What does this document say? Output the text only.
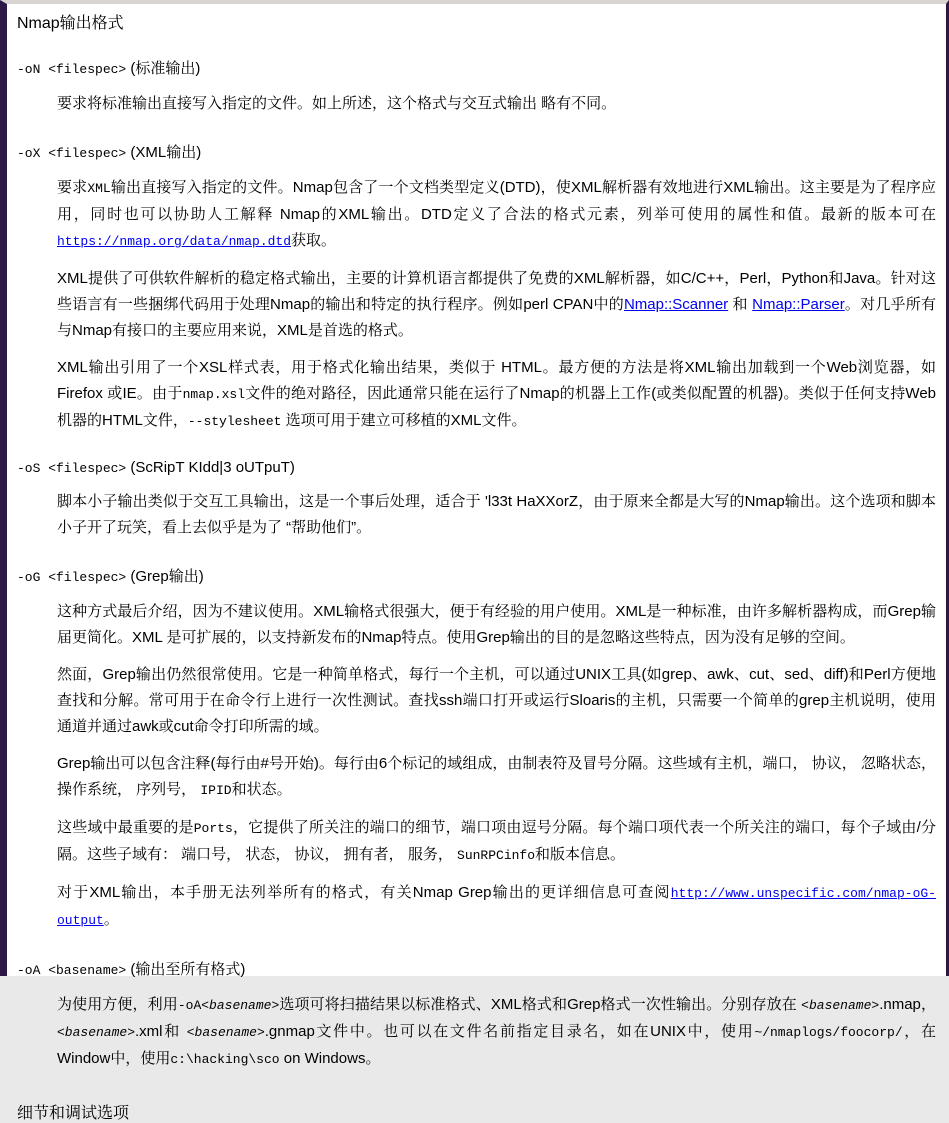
Nmap输出格式
-oN <filespec> (标准输出)
要求将标准输出直接写入指定的文件。如上所述，这个格式与交互式输出 略有不同。
-oX <filespec> (XML输出)
要求XML输出直接写入指定的文件。Nmap包含了一个文档类型定义(DTD)，使XML解析器有效地进行XML输出。这主要是为了程序应用，同时也可以协助人工解释 Nmap的XML输出。DTD定义了合法的格式元素，列举可使用的属性和值。最新的版本可在 https://nmap.org/data/nmap.dtd获取。
XML提供了可供软件解析的稳定格式输出，主要的计算机语言都提供了免费的XML解析器，如C/C++，Perl，Python和Java。针对这些语言有一些捆绑代码用于处理Nmap的输出和特定的执行程序。例如perl CPAN中的Nmap::Scanner 和 Nmap::Parser。对几乎所有与Nmap有接口的主要应用来说，XML是首选的格式。
XML输出引用了一个XSL样式表，用于格式化输出结果，类似于 HTML。最方便的方法是将XML输出加载到一个Web浏览器，如Firefox 或IE。由于nmap.xsl文件的绝对路径，因此通常只能在运行了Nmap的机器上工作(或类似配置的机器)。类似于任何支持Web机器的HTML文件，--stylesheet 选项可用于建立可移植的XML文件。
-oS <filespec> (ScRipT KIdd|3 oUTpuT)
脚本小子输出类似于交互工具输出，这是一个事后处理，适合于 'l33t HaXXorZ，由于原来全都是大写的Nmap输出。这个选项和脚本小子开了玩笑，看上去似乎是为了 “帮助他们”。
-oG <filespec> (Grep输出)
这种方式最后介绍，因为不建议使用。XML输格式很强大，便于有经验的用户使用。XML是一种标准，由许多解析器构成，而Grep输届更简化。XML 是可扩展的，以支持新发布的Nmap特点。使用Grep输出的目的是忽略这些特点，因为没有足够的空间。
然面，Grep输出仍然很常使用。它是一种简单格式，每行一个主机，可以通过UNIX工具(如grep、awk、cut、sed、diff)和Perl方便地查找和分解。常可用于在命令行上进行一次性测试。查找ssh端口打开或运行Sloaris的主机，只需要一个简单的grep主机说明，使用通道并通过awk或cut命令打印所需的域。
Grep输出可以包含注释(每行由#号开始)。每行由6个标记的域组成，由制表符及冒号分隔。这些域有主机，端口， 协议， 忽略状态， 操作系统， 序列号， IPID和状态。
这些域中最重要的是Ports，它提供了所关注的端口的细节，端口项由逗号分隔。每个端口项代表一个所关注的端口，每个子域由/分隔。这些子域有： 端口号， 状态， 协议， 拥有者， 服务， SunRPCinfo和版本信息。
对于XML输出，本手册无法列举所有的格式，有关Nmap Grep输出的更详细信息可查阅http://www.unspecific.com/nmap-oG-output。
-oA <basename> (输出至所有格式)
为使用方便，利用-oA<basename>选项可将扫描结果以标准格式、XML格式和Grep格式一次性输出。分别存放在 <basename>.nmap，<basename>.xml和 <basename>.gnmap文件中。也可以在文件名前指定目录名，如在UNIX中，使用~/nmaplogs/foocorp/，在Window中，使用c:\hacking\sco on Windows。
细节和调试选项
